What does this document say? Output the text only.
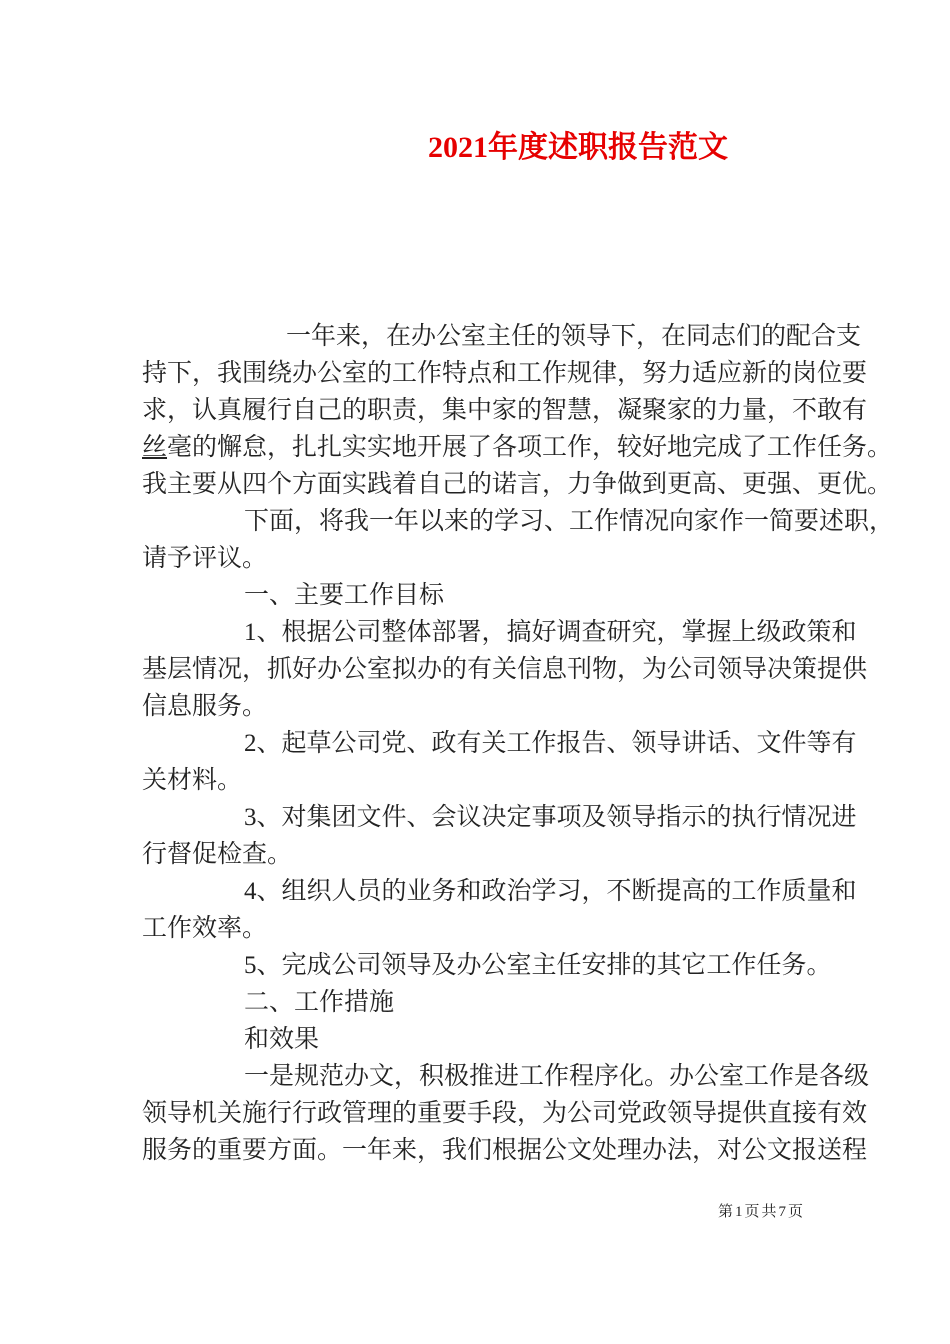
2021年度述职报告范文
一年来，在办公室主任的领导下，在同志们的配合支
持下，我围绕办公室的工作特点和工作规律，努力适应新的岗位要
求，认真履行自己的职责，集中家的智慧，凝聚家的力量，不敢有
丝毫的懈怠，扎扎实实地开展了各项工作，较好地完成了工作任务。
我主要从四个方面实践着自己的诺言，力争做到更高、更强、更优。
下面，将我一年以来的学习、工作情况向家作一简要述职，
请予评议。
一、主要工作目标
1、根据公司整体部署，搞好调查研究，掌握上级政策和
基层情况，抓好办公室拟办的有关信息刊物，为公司领导决策提供
信息服务。
2、起草公司党、政有关工作报告、领导讲话、文件等有
关材料。
3、对集团文件、会议决定事项及领导指示的执行情况进
行督促检查。
4、组织人员的业务和政治学习，不断提高的工作质量和
工作效率。
5、完成公司领导及办公室主任安排的其它工作任务。
二、工作措施
和效果
一是规范办文，积极推进工作程序化。办公室工作是各级
领导机关施行行政管理的重要手段，为公司党政领导提供直接有效
服务的重要方面。一年来，我们根据公文处理办法，对公文报送程
第1页共7页
